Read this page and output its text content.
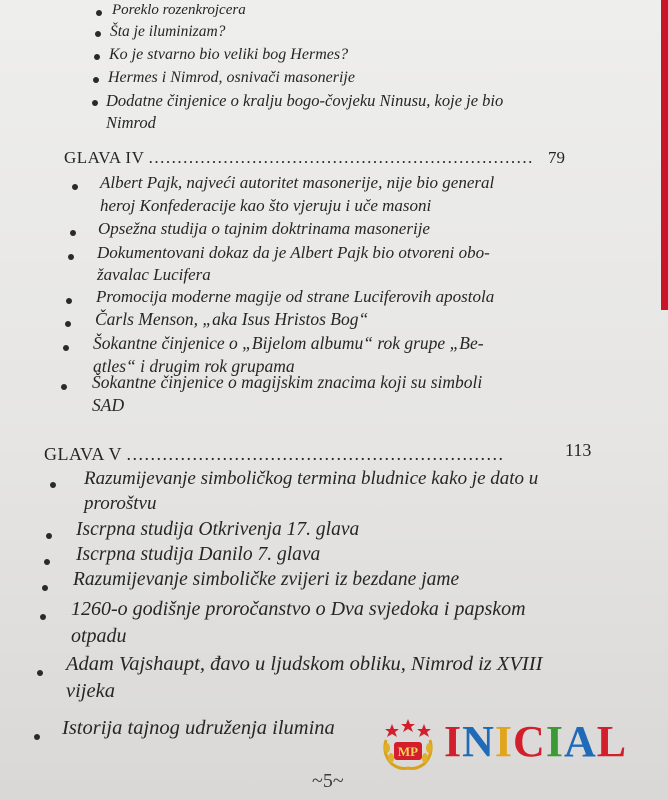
Poreklo rozenkrojcera
Šta je iluminizam?
Ko je stvarno bio veliki bog Hermes?
Hermes i Nimrod, osnivači masonerije
Dodatne činjenice o kralju bogo-čovjeku Ninusu, koje je bio
Nimrod
GLAVA IV ................................................................... 79
Albert Pajk, najveći autoritet masonerije, nije bio general
heroj Konfederacije kao što vjeruju i uče masoni
Opsežna studija o tajnim doktrinama masonerije
Dokumentovani dokaz da je Albert Pajk bio otvoreni obo-
žavalac Lucifera
Promocija moderne magije od strane Luciferovih apostola
Čarls Menson, „aka Isus Hristos Bog“
Šokantne činjenice o „Bijelom albumu“ rok grupe „Be-
atles“ i drugim rok grupama
Šokantne činjenice o magijskim znacima koji su simboli
SAD
GLAVA V ...............................................................	113
Razumijevanje simboličkog termina bludnice kako je dato u
proroštvu
Iscrpna studija Otkrivenja 17. glava
Iscrpna studija Danilo 7. glava
Razumijevanje simboličke zvijeri iz bezdane jame
1260-o godišnje proročanstvo o Dva svjedoka i papskom
otpadu
Adam Vajshaupt, đavo u ljudskom obliku, Nimrod iz XVIII
vijeka
Istorija tajnog udruženja ilumina
~5~
MP INICIAL
